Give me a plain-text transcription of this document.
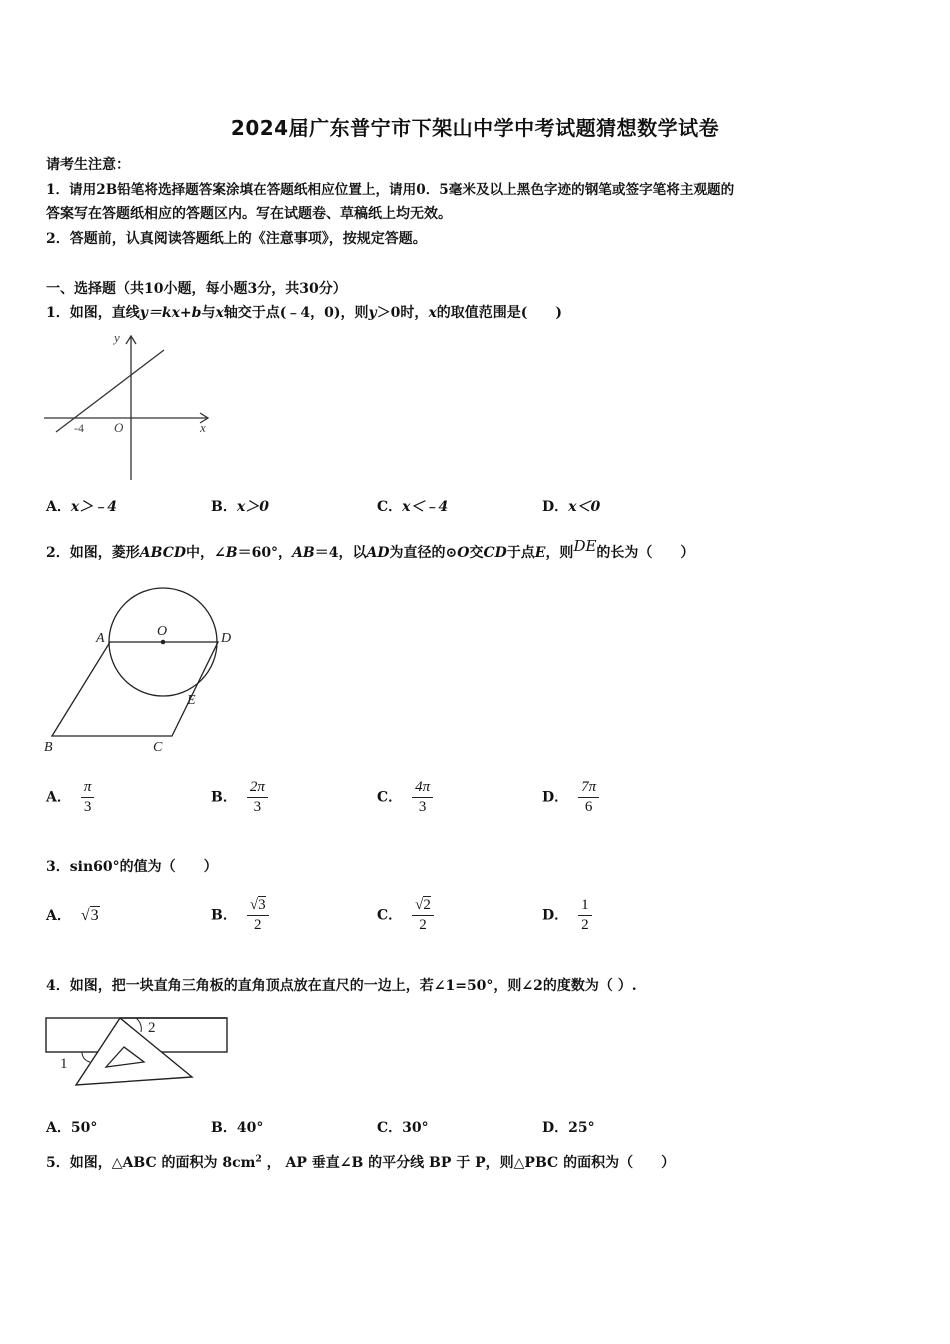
2024届广东普宁市下架山中学中考试题猜想数学试卷
请考生注意：
1．请用2B铅笔将选择题答案涂填在答题纸相应位置上，请用0．5毫米及以上黑色字迹的钢笔或签字笔将主观题的
答案写在答题纸相应的答题区内。写在试题卷、草稿纸上均无效。
2．答题前，认真阅读答题纸上的《注意事项》，按规定答题。
一、选择题（共10小题，每小题3分，共30分）
1．如图，直线y＝kx+b与x轴交于点(﹣4，0)，则y＞0时，x的取值范围是(　　)
y
x
O
-4
A．x＞﹣4	B．x＞0	C．x＜﹣4	D．x＜0
2．如图，菱形ABCD中，∠B＝60°，AB＝4，以AD为直径的⊙O交CD于点E，则DE的长为（　　）
A	D
O
E
B	C
A． $\frac{\pi}{3}$	B． $\frac{2\pi}{3}$	C． $\frac{4\pi}{3}$	D． $\frac{7\pi}{6}$
3．sin60°的值为（　　）
A． √3	B． $\frac{√3}{2}$	C． $\frac{√2}{2}$	D． $\frac{1}{2}$
4．如图，把一块直角三角板的直角顶点放在直尺的一边上，若∠1=50°，则∠2的度数为（ ）.
2
1
A．50°	B．40°	C．30°	D．25°
5．如图，△ABC 的面积为 $8cm^2$ ， AP 垂直∠B 的平分线 BP 于 P，则△PBC 的面积为（　　）
